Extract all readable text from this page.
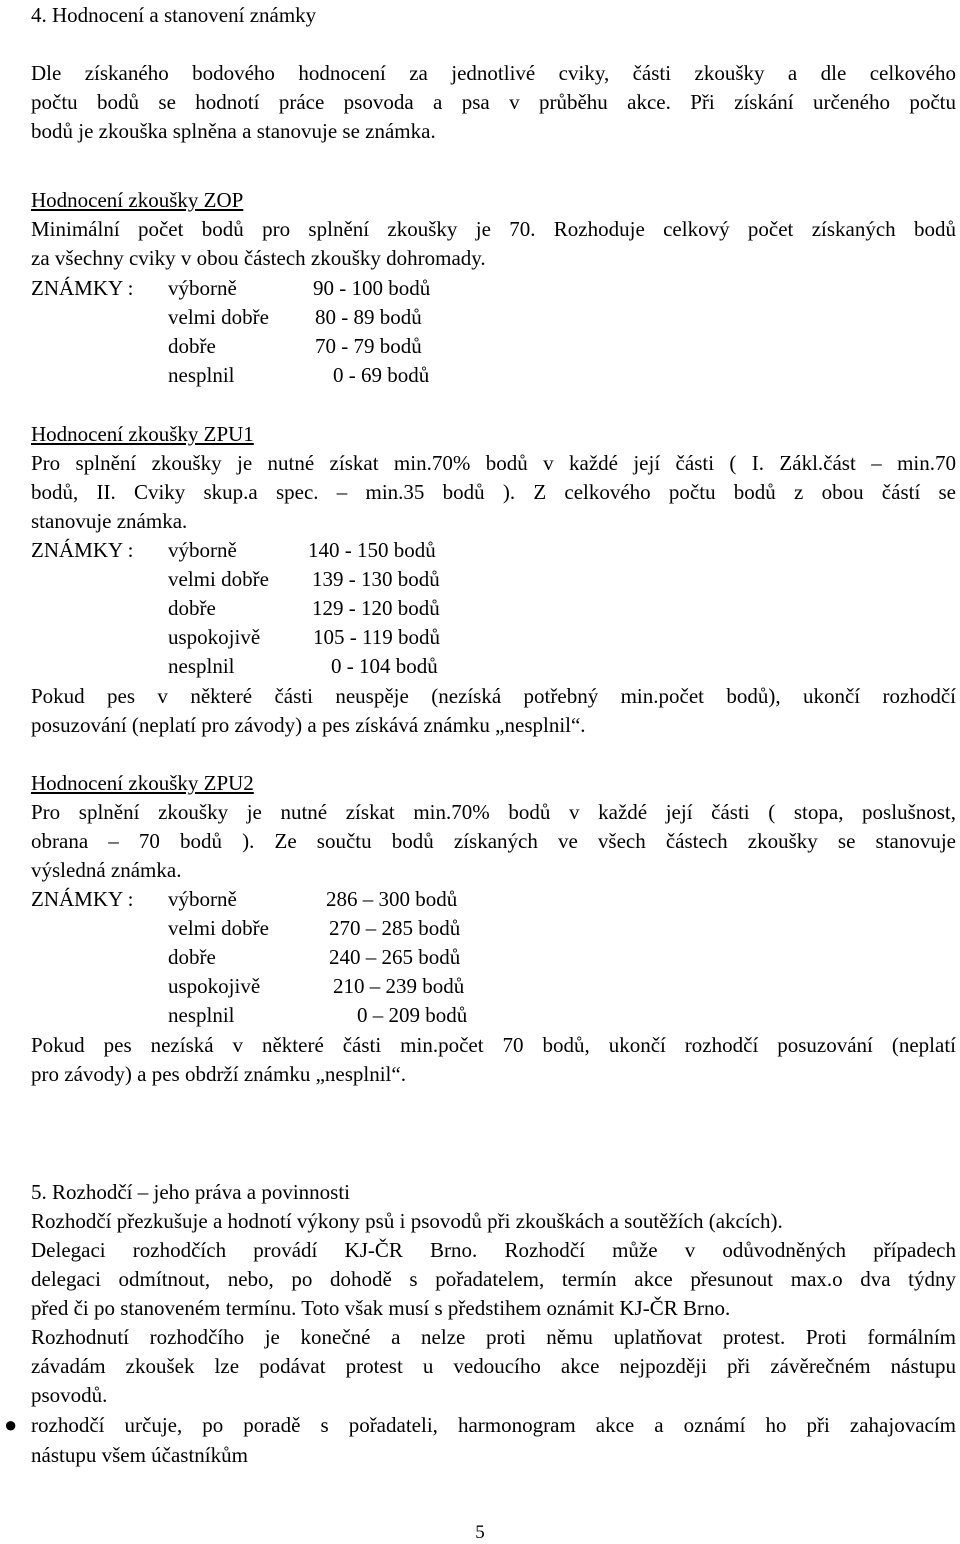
4. Hodnocení a stanovení známky
Dle získaného bodového hodnocení za jednotlivé cviky, části zkoušky a dle celkového
počtu bodů se hodnotí práce psovoda a psa v průběhu akce. Při získání určeného počtu
bodů je zkouška splněna a stanovuje se známka.
Hodnocení zkoušky ZOP
Minimální počet bodů pro splnění zkoušky je 70. Rozhoduje celkový počet získaných bodů
za všechny cviky v obou částech zkoušky dohromady.
ZNÁMKY : výborně	90 - 100 bodů
velmi dobře 80 - 89 bodů
dobře	70 - 79 bodů
nesplnil	0 - 69 bodů
Hodnocení zkoušky ZPU1
Pro splnění zkoušky je nutné získat min.70% bodů v každé její části ( I. Zákl.část – min.70
bodů, II. Cviky skup.a spec. – min.35 bodů ). Z celkového počtu bodů z obou částí se
stanovuje známka.
ZNÁMKY : výborně	140 - 150 bodů
velmi dobře 139 - 130 bodů
dobře	129 - 120 bodů
uspokojivě	105 - 119 bodů
nesplnil	0 - 104 bodů
Pokud pes v některé části neuspěje (nezíská potřebný min.počet bodů), ukončí rozhodčí
posuzování (neplatí pro závody) a pes získává známku „nesplnil“.
Hodnocení zkoušky ZPU2
Pro splnění zkoušky je nutné získat min.70% bodů v každé její části ( stopa, poslušnost,
obrana – 70 bodů ). Ze součtu bodů získaných ve všech částech zkoušky se stanovuje
výsledná známka.
ZNÁMKY : výborně	286 – 300 bodů
velmi dobře	270 – 285 bodů
dobře	240 – 265 bodů
uspokojivě	210 – 239 bodů
nesplnil	0 – 209 bodů
Pokud pes nezíská v některé části min.počet 70 bodů, ukončí rozhodčí posuzování (neplatí
pro závody) a pes obdrží známku „nesplnil“.
5. Rozhodčí – jeho práva a povinnosti
Rozhodčí přezkušuje a hodnotí výkony psů i psovodů při zkouškách a soutěžích (akcích).
Delegaci rozhodčích provádí KJ-ČR Brno. Rozhodčí může v odůvodněných případech
delegaci odmítnout, nebo, po dohodě s pořadatelem, termín akce přesunout max.o dva týdny
před či po stanoveném termínu. Toto však musí s předstihem oznámit KJ-ČR Brno.
Rozhodnutí rozhodčího je konečné a nelze proti němu uplatňovat protest. Proti formálním
závadám zkoušek lze podávat protest u vedoucího akce nejpozději při závěrečném nástupu
psovodů.
● rozhodčí určuje, po poradě s pořadateli, harmonogram akce a oznámí ho při zahajovacím
nástupu všem účastníkům
5
